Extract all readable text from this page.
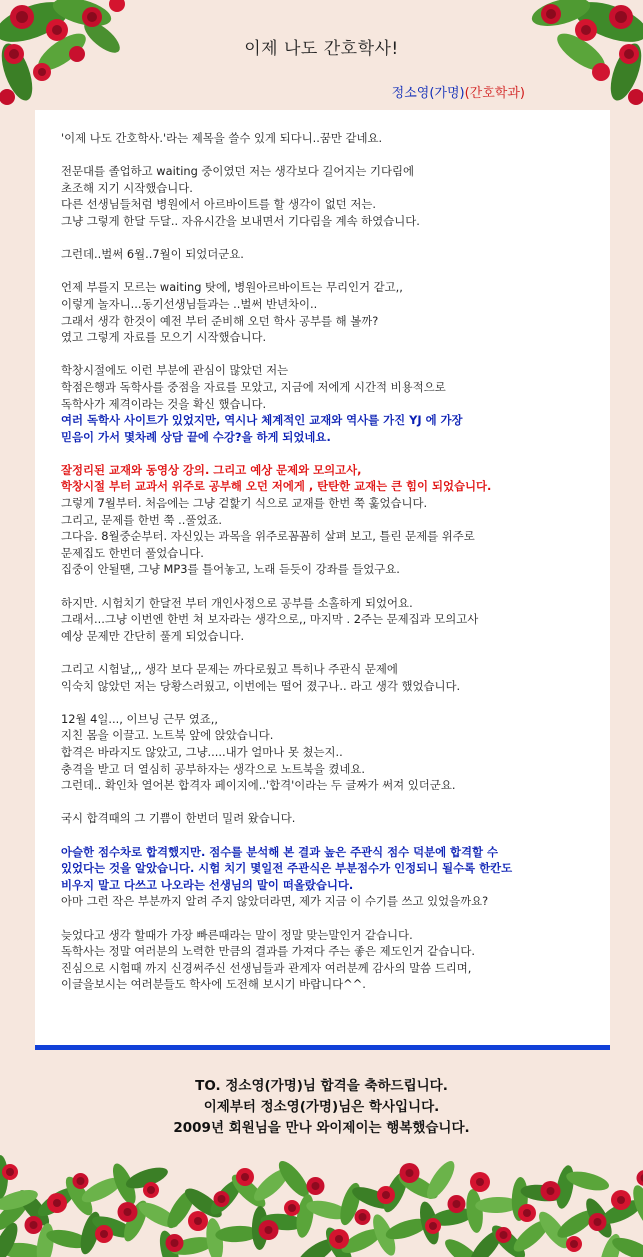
이제 나도 간호학사!
정소영(가명)(간호학과)

'이제 나도 간호학사.'라는 제목을 쓸수 있게 되다니..꿈만 같네요.

전문대를 졸업하고 waiting 중이였던 저는 생각보다 길어지는 기다림에
초조해 지기 시작했습니다.
다른 선생님들처럼 병원에서 아르바이트를 할 생각이 없던 저는.
그냥 그렇게 한달 두달.. 자유시간을 보내면서 기다림을 계속 하였습니다.

그런데..벌써 6월..7월이 되었더군요.

언제 부를지 모르는 waiting 탓에, 병원아르바이트는 무리인거 같고,,
이렇게 놀자니...동기선생님들과는 ..벌써 반년차이..
그래서 생각 한것이 예전 부터 준비해 오던 학사 공부를 해 볼까?
였고 그렇게 자료를 모으기 시작했습니다.

학창시절에도 이런 부분에 관심이 많았던 저는
학점은행과 독학사를 중점을 자료를 모았고, 지금에 저에게 시간적 비용적으로
독학사가 제격이라는 것을 확신 했습니다.
여러 독학사 사이트가 있었지만, 역시나 체계적인 교재와 역사를 가진 YJ 에 가장
믿음이 가서 몇차례 상담 끝에 수강?을 하게 되었네요.

잘정리된 교재와 동영상 강의. 그리고 예상 문제와 모의고사,
학창시절 부터 교과서 위주로 공부해 오던 저에게 , 탄탄한 교재는 큰 힘이 되었습니다.
그렇게 7월부터. 처음에는 그냥 겉핥기 식으로 교재를 한번 쭉 훑었습니다.
그리고, 문제를 한번 쭉 ..풀었죠.
그다음. 8월중순부터. 자신있는 과목을 위주로꼼꼼히 살펴 보고, 틀린 문제를 위주로
문제집도 한번더 풀었습니다.
집중이 안될땐, 그냥 MP3를 틀어놓고, 노래 듣듯이 강좌를 들었구요.

하지만. 시험치기 한달전 부터 개인사정으로 공부를 소홀하게 되었어요.
그래서...그냥 이번엔 한번 쳐 보자라는 생각으로,, 마지막 . 2주는 문제집과 모의고사
예상 문제만 간단히 풀게 되었습니다.

그리고 시험날,,, 생각 보다 문제는 까다로웠고 특히나 주관식 문제에
익숙치 않았던 저는 당황스러웠고, 이번에는 떨어 졌구나.. 라고 생각 했었습니다.

12월 4일..., 이브닝 근무 였죠,,
지친 몸을 이끌고. 노트북 앞에 앉았습니다.
합격은 바라지도 않았고, 그냥.....내가 얼마나 못 쳤는지..
충격을 받고 더 열심히 공부하자는 생각으로 노트북을 켰네요.
그런데.. 확인차 열어본 합격자 페이지에..'합격'이라는 두 글짜가 써져 있더군요.

국시 합격때의 그 기쁨이 한번더 밀려 왔습니다.

아슬한 점수차로 합격했지만. 점수를 분석해 본 결과 높은 주관식 점수 덕분에 합격할 수
있었다는 것을 알았습니다. 시험 치기 몇일전 주관식은 부분점수가 인정되니 될수록 한칸도
비우지 말고 다쓰고 나오라는 선생님의 말이 떠올랐습니다.
아마 그런 작은 부분까지 알려 주지 않았더라면, 제가 지금 이 수기를 쓰고 있었을까요?

늦었다고 생각 할때가 가장 빠른때라는 말이 정말 맞는말인거 같습니다.
독학사는 정말 여러분의 노력한 만큼의 결과를 가져다 주는 좋은 제도인거 같습니다.
진심으로 시험때 까지 신경써주신 선생님들과 관계자 여러분께 감사의 말씀 드리며,
이글을보시는 여러분들도 학사에 도전해 보시기 바랍니다^^.

TO. 정소영(가명)님 합격을 축하드립니다.
이제부터 정소영(가명)님은 학사입니다.
2009년 회원님을 만나 와이제이는 행복했습니다.
